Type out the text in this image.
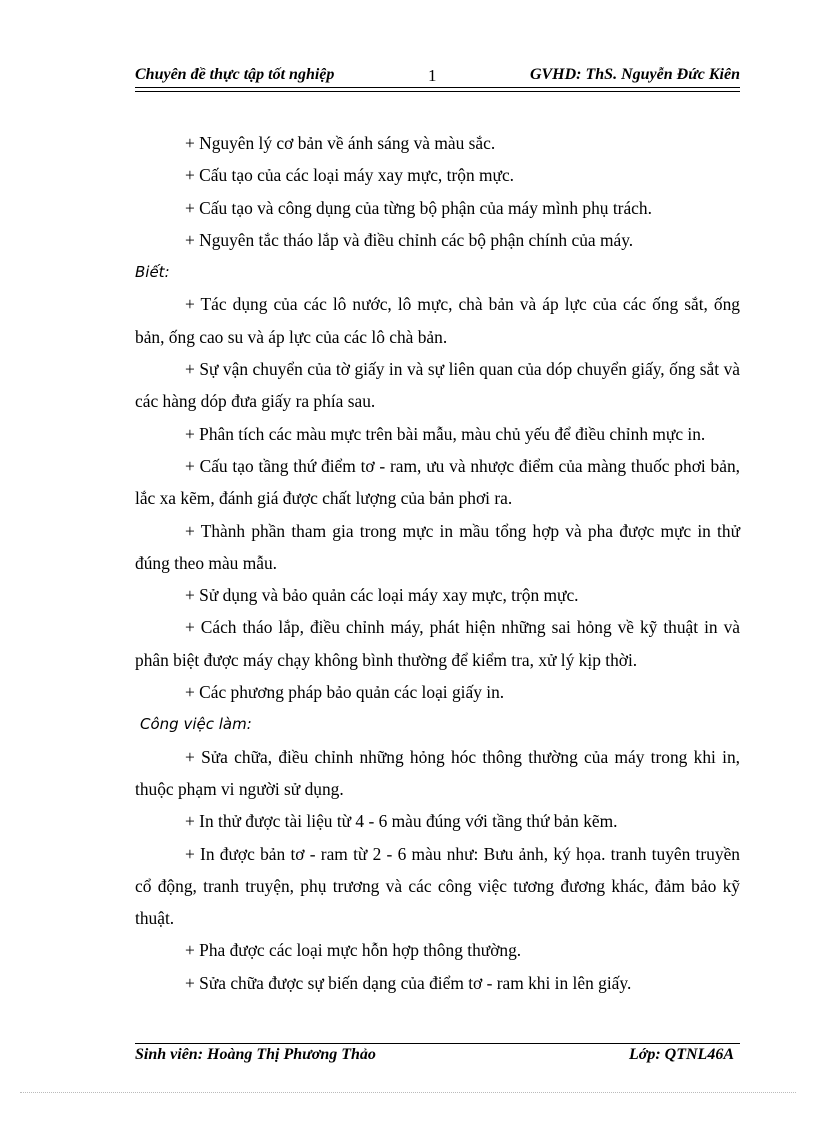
Chuyên đề thực tập tốt nghiệp	1	GVHD: ThS. Nguyễn Đức Kiên

+ Nguyên lý cơ bản về ánh sáng và màu sắc.

+ Cấu tạo của các loại máy xay mực, trộn mực.

+ Cấu tạo và công dụng của từng bộ phận của máy mình phụ trách.

+ Nguyên tắc tháo lắp và điều chỉnh các bộ phận chính của máy.

Biết:

+ Tác dụng của các lô nước, lô mực, chà bản và áp lực của các ống sắt, ống bản, ống cao su và áp lực của các lô chà bản.

+ Sự vận chuyển của tờ giấy in và sự liên quan của dóp chuyển giấy, ống sắt và các hàng dóp đưa giấy ra phía sau.

+ Phân tích các màu mực trên bài mẫu, màu chủ yếu để điều chỉnh mực in.

+ Cấu tạo tầng thứ điểm tơ - ram, ưu và nhược điểm của màng thuốc phơi bản, lắc xa kẽm, đánh giá được chất lượng của bản phơi ra.

+ Thành phần tham gia trong mực in mầu tổng hợp và pha được mực in thử đúng theo màu mẫu.

+ Sử dụng và bảo quản các loại máy xay mực, trộn mực.

+ Cách tháo lắp, điều chỉnh máy, phát hiện những sai hỏng về kỹ thuật in và phân biệt được máy chạy không bình thường để kiểm tra, xử lý kịp thời.

+ Các phương pháp bảo quản các loại giấy in.

Công việc làm:

+ Sửa chữa, điều chỉnh những hỏng hóc thông thường của máy trong khi in, thuộc phạm vi người sử dụng.

+ In thử được tài liệu từ 4 - 6 màu đúng với tầng thứ bản kẽm.

+ In được bản tơ - ram từ 2 - 6 màu như: Bưu ảnh, ký họa. tranh tuyên truyền cổ động, tranh truyện, phụ trương và các công việc tương đương khác, đảm bảo kỹ thuật.

+ Pha được các loại mực hỗn hợp thông thường.

+ Sửa chữa được sự biến dạng của điểm tơ - ram khi in lên giấy.

Sinh viên: Hoàng Thị Phương Thảo	Lớp: QTNL46A
